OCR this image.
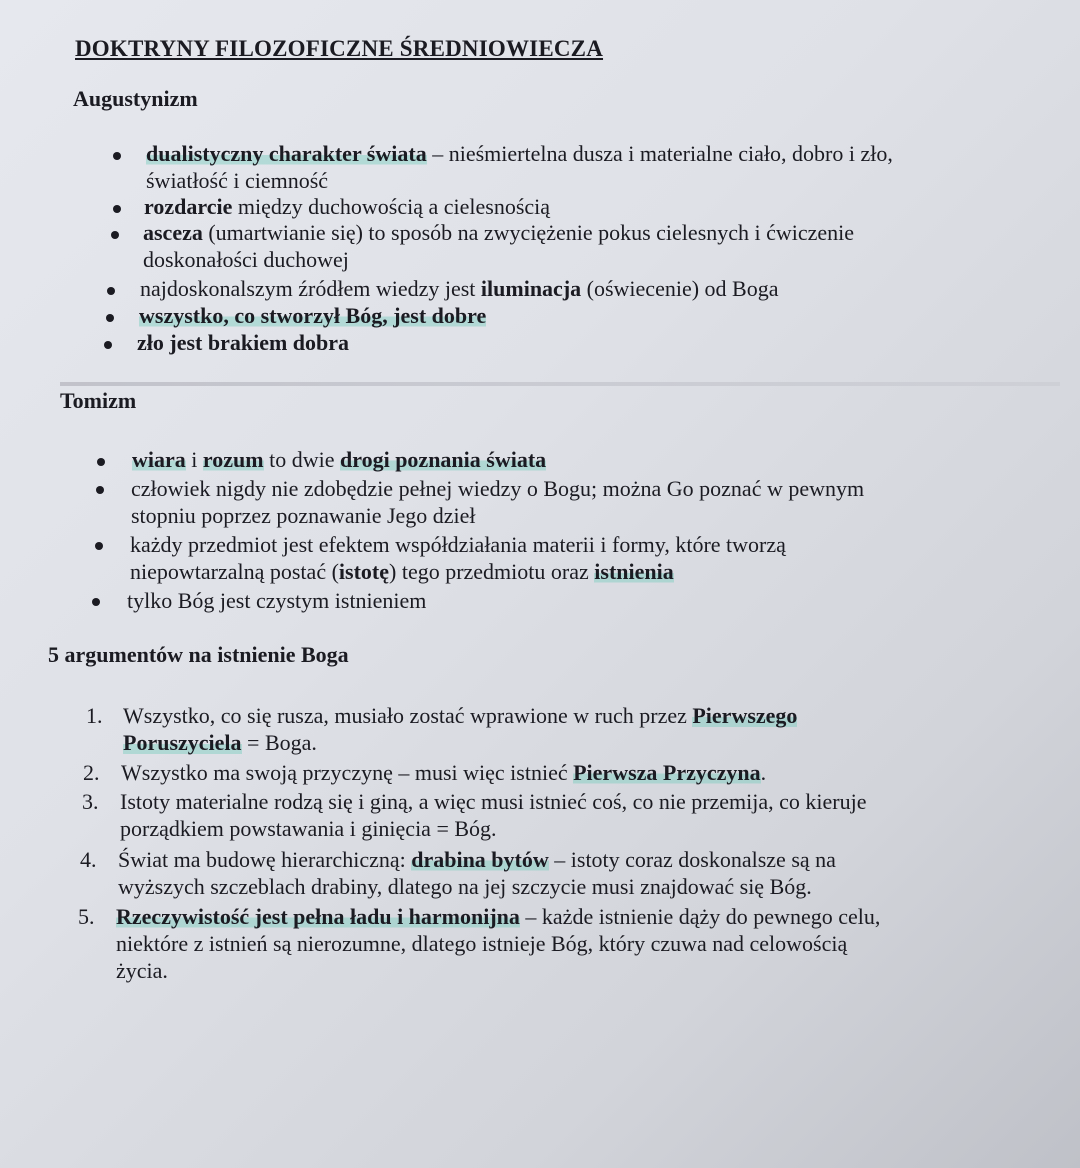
DOKTRYNY FILOZOFICZNE ŚREDNIOWIECZA
Augustynizm
dualistyczny charakter świata – nieśmiertelna dusza i materialne ciało, dobro i zło,
światłość i ciemność
rozdarcie między duchowością a cielesnością
asceza (umartwianie się) to sposób na zwyciężenie pokus cielesnych i ćwiczenie
doskonałości duchowej
najdoskonalszym źródłem wiedzy jest iluminacja (oświecenie) od Boga
wszystko, co stworzył Bóg, jest dobre
zło jest brakiem dobra
Tomizm
wiara i rozum to dwie drogi poznania świata
człowiek nigdy nie zdobędzie pełnej wiedzy o Bogu; można Go poznać w pewnym
stopniu poprzez poznawanie Jego dzieł
każdy przedmiot jest efektem współdziałania materii i formy, które tworzą
niepowtarzalną postać (istotę) tego przedmiotu oraz istnienia
tylko Bóg jest czystym istnieniem
5 argumentów na istnienie Boga
1. Wszystko, co się rusza, musiało zostać wprawione w ruch przez Pierwszego
Poruszyciela = Boga.
2. Wszystko ma swoją przyczynę – musi więc istnieć Pierwsza Przyczyna.
3. Istoty materialne rodzą się i giną, a więc musi istnieć coś, co nie przemija, co kieruje
porządkiem powstawania i ginięcia = Bóg.
4. Świat ma budowę hierarchiczną: drabina bytów – istoty coraz doskonalsze są na
wyższych szczeblach drabiny, dlatego na jej szczycie musi znajdować się Bóg.
5. Rzeczywistość jest pełna ładu i harmonijna – każde istnienie dąży do pewnego celu,
niektóre z istnień są nierozumne, dlatego istnieje Bóg, który czuwa nad celowością
życia.
